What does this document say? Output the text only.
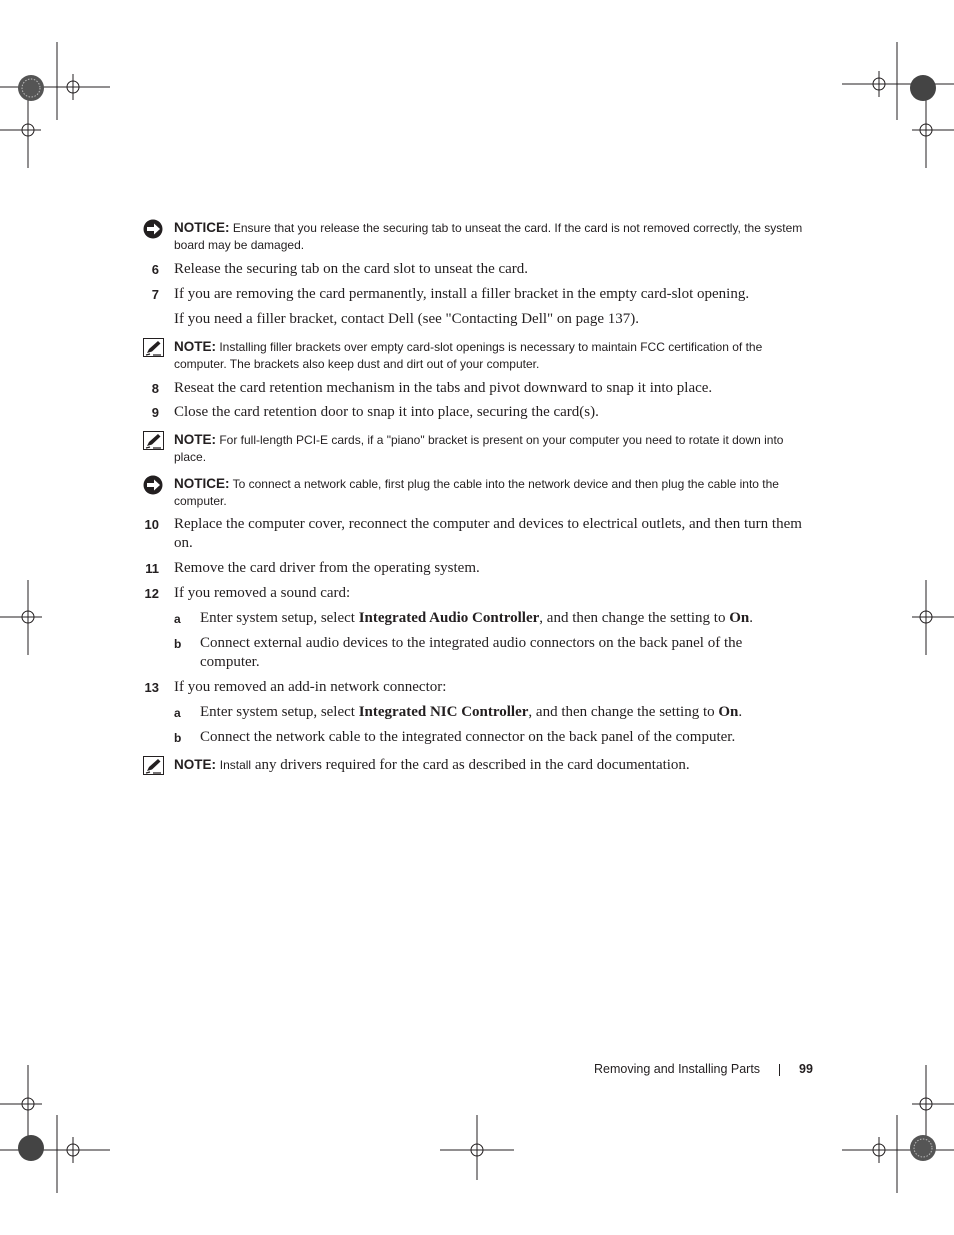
NOTICE: Ensure that you release the securing tab to unseat the card. If the card is not removed correctly, the system board may be damaged.
6 Release the securing tab on the card slot to unseat the card.
7 If you are removing the card permanently, install a filler bracket in the empty card-slot opening.
If you need a filler bracket, contact Dell (see "Contacting Dell" on page 137).
NOTE: Installing filler brackets over empty card-slot openings is necessary to maintain FCC certification of the computer. The brackets also keep dust and dirt out of your computer.
8 Reseat the card retention mechanism in the tabs and pivot downward to snap it into place.
9 Close the card retention door to snap it into place, securing the card(s).
NOTE: For full-length PCI-E cards, if a "piano" bracket is present on your computer you need to rotate it down into place.
NOTICE: To connect a network cable, first plug the cable into the network device and then plug the cable into the computer.
10 Replace the computer cover, reconnect the computer and devices to electrical outlets, and then turn them on.
11 Remove the card driver from the operating system.
12 If you removed a sound card:
a Enter system setup, select Integrated Audio Controller, and then change the setting to On.
b Connect external audio devices to the integrated audio connectors on the back panel of the computer.
13 If you removed an add-in network connector:
a Enter system setup, select Integrated NIC Controller, and then change the setting to On.
b Connect the network cable to the integrated connector on the back panel of the computer.
NOTE: Install any drivers required for the card as described in the card documentation.
Removing and Installing Parts	99
